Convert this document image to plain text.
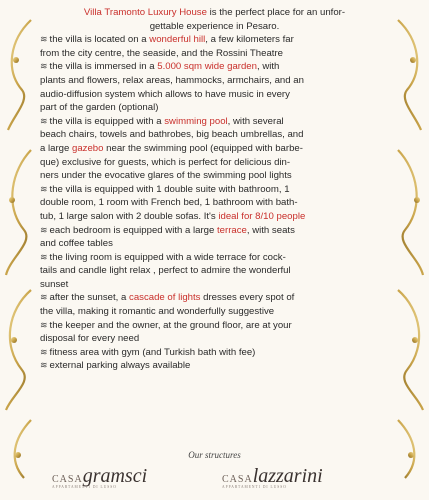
Villa Tramonto Luxury House is the perfect place for an unfor-
gettable experience in Pesaro.
≋ the villa is located on a wonderful hill, a few kilometers far
from the city centre, the seaside, and the Rossini Theatre
≋ the villa is immersed in a 5.000 sqm wide garden, with
plants and flowers, relax areas, hammocks, armchairs, and an
audio-diffusion system which allows to have music in every
part of the garden (optional)
≋ the villa is equipped with a swimming pool, with several
beach chairs, towels and bathrobes, big beach umbrellas, and
a large gazebo near the swimming pool (equipped with barbe-
que) exclusive for guests, which is perfect for delicious din-
ners under the evocative glares of the swimming pool lights
≋ the villa is equipped with 1 double suite with bathroom, 1
double room, 1 room with French bed, 1 bathroom with bath-
tub, 1 large salon with 2 double sofas. It's ideal for 8/10 people
≋ each bedroom is equipped with a large terrace, with seats
and coffee tables
≋ the living room is equipped with a wide terrace for cock-
tails and candle light relax , perfect to admire the wonderful
sunset
≋ after the sunset, a cascade of lights dresses every spot of
the villa, making it romantic and wonderfully suggestive
≋ the keeper and the owner, at the ground floor, are at your
disposal for every need
≋ fitness area with gym (and Turkish bath with fee)
≋ external parking always available
Our structures
CASAgramsci
APPARTAMENTI DI LUSSO
CASAlazzarini
APPARTAMENTI DI LUSSO
